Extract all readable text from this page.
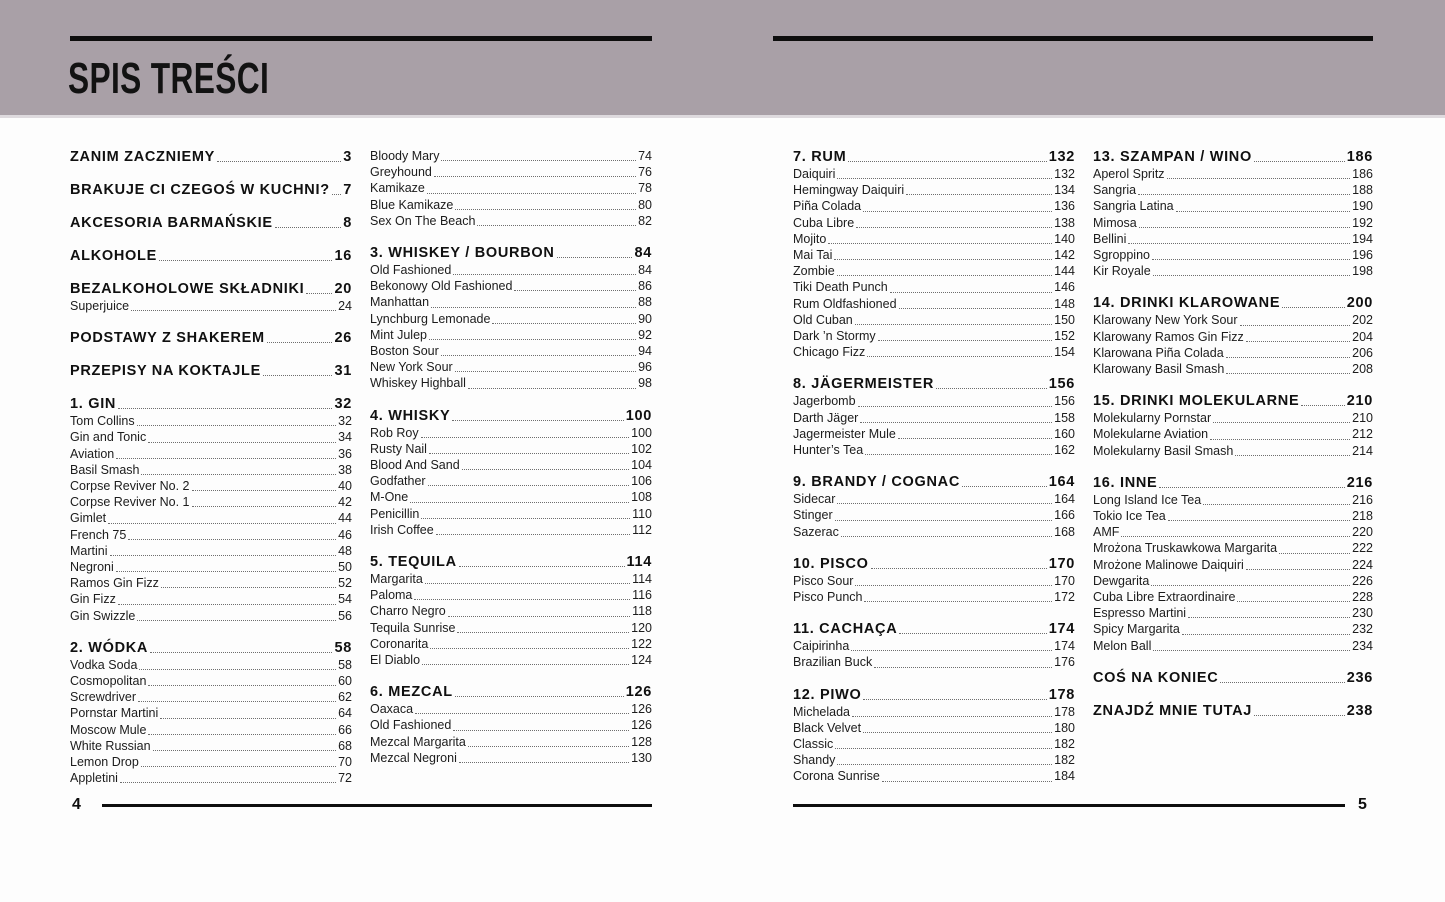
SPIS TREŚCI
ZANIM ZACZNIEMY	3
BRAKUJE CI CZEGOŚ W KUCHNI? 7
AKCESORIA BARMAŃSKIE	8
ALKOHOLE	16
BEZALKOHOLOWE SKŁADNIKI 20
Superjuice	24
PODSTAWY Z SHAKEREM	26
PRZEPISY NA KOKTAJLE	31
1. GIN	32
Tom Collins	32
Gin and Tonic	34
Aviation	36
Basil Smash	38
Corpse Reviver No. 2	40
Corpse Reviver No. 1	42
Gimlet	44
French 75	46
Martini	48
Negroni	50
Ramos Gin Fizz	52
Gin Fizz	54
Gin Swizzle	56
2. WÓDKA	58
Vodka Soda	58
Cosmopolitan	60
Screwdriver	62
Pornstar Martini	64
Moscow Mule	66
White Russian	68
Lemon Drop	70
Appletini	72
Bloody Mary	74
Greyhound	76
Kamikaze	78
Blue Kamikaze	80
Sex On The Beach	82
3. WHISKEY / BOURBON	84
Old Fashioned	84
Bekonowy Old Fashioned	86
Manhattan	88
Lynchburg Lemonade	90
Mint Julep	92
Boston Sour	94
New York Sour	96
Whiskey Highball	98
4. WHISKY	100
Rob Roy	100
Rusty Nail	102
Blood And Sand	104
Godfather	106
M-One	108
Penicillin	110
Irish Coffee	112
5. TEQUILA	114
Margarita	114
Paloma	116
Charro Negro	118
Tequila Sunrise	120
Coronarita	122
El Diablo	124
6. MEZCAL	126
Oaxaca	126
Old Fashioned	126
Mezcal Margarita	128
Mezcal Negroni	130
7. RUM	132
Daiquiri	132
Hemingway Daiquiri	134
Piña Colada	136
Cuba Libre	138
Mojito	140
Mai Tai	142
Zombie	144
Tiki Death Punch	146
Rum Oldfashioned	148
Old Cuban	150
Dark ’n Stormy	152
Chicago Fizz	154
8. JÄGERMEISTER	156
Jagerbomb	156
Darth Jäger	158
Jagermeister Mule	160
Hunter’s Tea	162
9. BRANDY / COGNAC	164
Sidecar	164
Stinger	166
Sazerac	168
10. PISCO	170
Pisco Sour	170
Pisco Punch	172
11. CACHAÇA	174
Caipirinha	174
Brazilian Buck	176
12. PIWO	178
Michelada	178
Black Velvet	180
Classic	182
Shandy	182
Corona Sunrise	184
13. SZAMPAN / WINO	186
Aperol Spritz	186
Sangria	188
Sangria Latina	190
Mimosa	192
Bellini	194
Sgroppino	196
Kir Royale	198
14. DRINKI KLAROWANE	200
Klarowany New York Sour	202
Klarowany Ramos Gin Fizz	204
Klarowana Piña Colada	206
Klarowany Basil Smash	208
15. DRINKI MOLEKULARNE	210
Molekularny Pornstar	210
Molekularne Aviation	212
Molekularny Basil Smash	214
16. INNE	216
Long Island Ice Tea	216
Tokio Ice Tea	218
AMF	220
Mrożona Truskawkowa Margarita	222
Mrożone Malinowe Daiquiri	224
Dewgarita	226
Cuba Libre Extraordinaire	228
Espresso Martini	230
Spicy Margarita	232
Melon Ball	234
COŚ NA KONIEC	236
ZNAJDŹ MNIE TUTAJ	238
4	5
